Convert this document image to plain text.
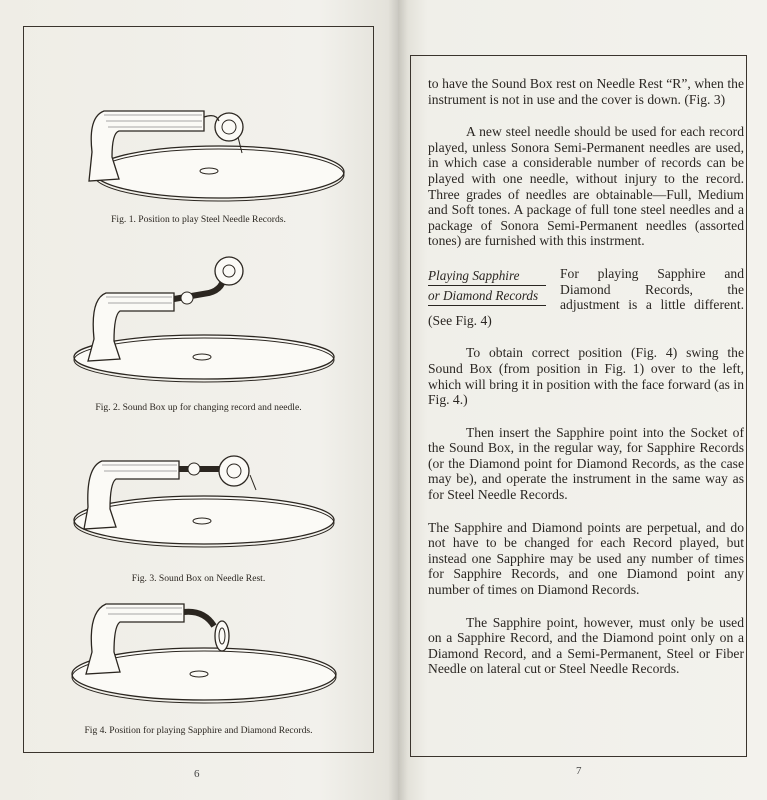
Fig. 1. Position to play Steel Needle Records.
Fig. 2. Sound Box up for changing record and needle.
Fig. 3. Sound Box on Needle Rest.
Fig 4. Position for playing Sapphire and Diamond Records.
6

to have the Sound Box rest on Needle Rest “R”, when the instrument is not in use and the cover is down. (Fig. 3)

A new steel needle should be used for each record played, unless Sonora Semi-Permanent needles are used, in which case a considerable number of records can be played with one needle, without injury to the record. Three grades of needles are obtainable—Full, Medium and Soft tones. A package of full tone steel needles and a package of Sonora Semi-Permanent needles (assorted tones) are furnished with this instrment.

Playing Sapphire
or Diamond Records

For playing Sapphire and Diamond Records, the adjustment is a little different. (See Fig. 4)

To obtain correct position (Fig. 4) swing the Sound Box (from position in Fig. 1) over to the left, which will bring it in position with the face forward (as in Fig. 4.)

Then insert the Sapphire point into the Socket of the Sound Box, in the regular way, for Sapphire Records (or the Diamond point for Diamond Records, as the case may be), and operate the instrument in the same way as for Steel Needle Records.

The Sapphire and Diamond points are perpetual, and do not have to be changed for each Record played, but instead one Sapphire may be used any number of times for Sapphire Records, and one Diamond point any number of times on Diamond Records.

The Sapphire point, however, must only be used on a Sapphire Record, and the Diamond point only on a Diamond Record, and a Semi-Permanent, Steel or Fiber Needle on lateral cut or Steel Needle Records.

7
